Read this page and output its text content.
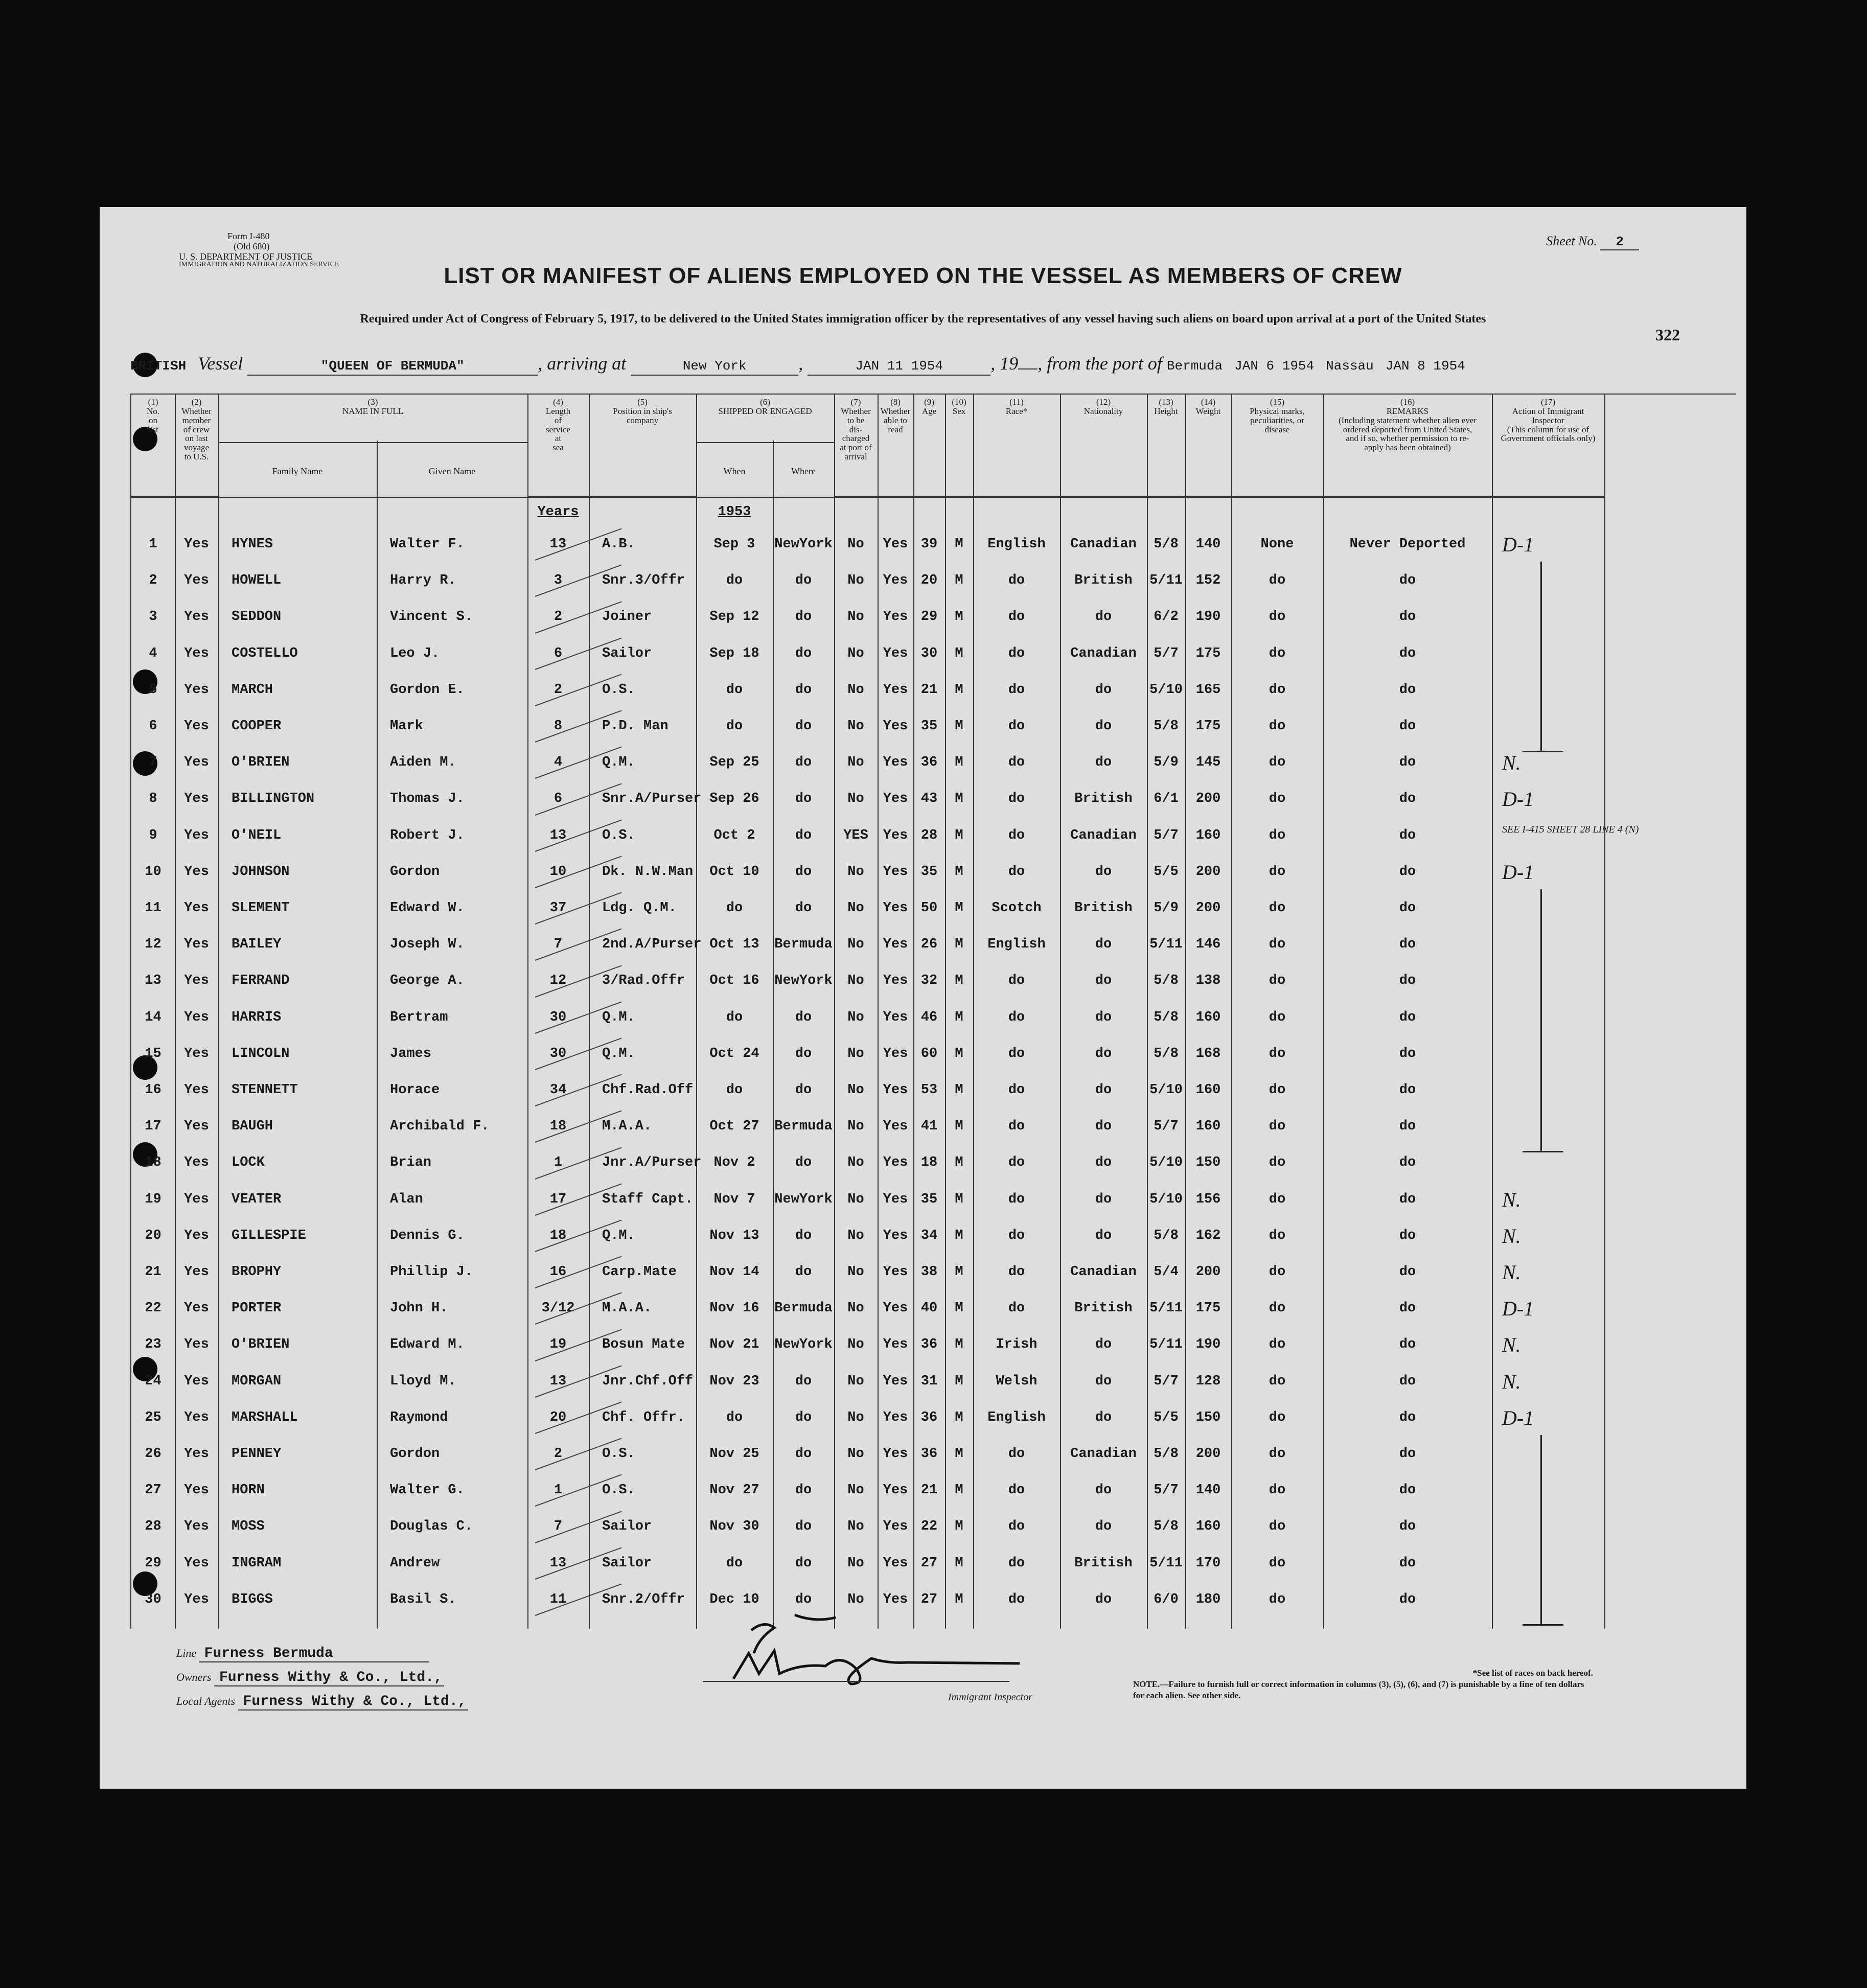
Form I-480
(Old 680)
U. S. DEPARTMENT OF JUSTICE
IMMIGRATION AND NATURALIZATION SERVICE
Sheet No. 2
LIST OR MANIFEST OF ALIENS EMPLOYED ON THE VESSEL AS MEMBERS OF CREW
Required under Act of Congress of February 5, 1917, to be delivered to the United States immigration officer by the representatives of any vessel having such aliens on board upon arrival at a port of the United States
322
BRITISH Vessel	"QUEEN OF BERMUDA"	, arriving at	New York	,	JAN 11 1954	, 19 , from the port of Bermuda JAN 6 1954 Nassau JAN 8 1954
(1)
No.
on
list
(2)
Whether
member
of crew
on last
voyage
to U.S.
(3)
NAME IN FULL
(4)
Length
of
service
at
sea
(5)
Position in ship's
company
(6)
SHIPPED OR ENGAGED
(7)
Whether
to be
dis-
charged
at port of
arrival
(8)
Whether
able to
read
(9)
Age
(10)
Sex
(11)
Race*
(12)
Nationality
(13)
Height
(14)
Weight
(15)
Physical marks,
peculiarities, or
disease
(16)
REMARKS
(Including statement whether alien ever
ordered deported from United States,
and if so, whether permission to re-
apply has been obtained)
(17)
Action of Immigrant
Inspector
(This column for use of
Government officials only)
Family Name	Given Name	When	Where
Years	1953
1	Yes	HYNES	Walter F.	13	A.B.	Sep 3	NewYork	No	Yes 39	M	English	Canadian	5/8	140	None	Never Deported	D-1
2	Yes	HOWELL	Harry R.	3	Snr.3/Offr	do	do	No	Yes 20	M	do	British	5/11 152	do	do
3	Yes	SEDDON	Vincent S.	2	Joiner	Sep 12	do	No	Yes 29	M	do	do	6/2	190	do	do
4	Yes	COSTELLO	Leo J.	6	Sailor	Sep 18	do	No	Yes 30	M	do	Canadian	5/7	175	do	do
5	Yes	MARCH	Gordon E.	2	O.S.	do	do	No	Yes 21	M	do	do	5/10 165	do	do
6	Yes	COOPER	Mark	8	P.D. Man	do	do	No	Yes 35	M	do	do	5/8	175	do	do
7	Yes	O'BRIEN	Aiden M.	4	Q.M.	Sep 25	do	No	Yes 36	M	do	do	5/9	145	do	do	N.
8	Yes	BILLINGTON	Thomas J.	6	Snr.A/Purser Sep 26	do	No	Yes 43	M	do	British	6/1	200	do	do	D-1
9	Yes	O'NEIL	Robert J.	13	O.S.	Oct 2	do	YES	Yes 28	M	do	Canadian	5/7	160	do	do	SEE I-415 SHEET 28 LINE 4 (N)
10	Yes	JOHNSON	Gordon	10	Dk. N.W.Man	Oct 10	do	No	Yes 35	M	do	do	5/5	200	do	do	D-1
11	Yes	SLEMENT	Edward W.	37	Ldg. Q.M.	do	do	No	Yes 50	M	Scotch	British	5/9	200	do	do
12	Yes	BAILEY	Joseph W.	7	2nd.A/Purser Oct 13	Bermuda	No	Yes 26	M	English	do	5/11 146	do	do
13	Yes	FERRAND	George A.	12	3/Rad.Offr	Oct 16	NewYork	No	Yes 32	M	do	do	5/8	138	do	do
14	Yes	HARRIS	Bertram	30	Q.M.	do	do	No	Yes 46	M	do	do	5/8	160	do	do
15	Yes	LINCOLN	James	30	Q.M.	Oct 24	do	No	Yes 60	M	do	do	5/8	168	do	do
16	Yes	STENNETT	Horace	34	Chf.Rad.Off	do	do	No	Yes 53	M	do	do	5/10 160	do	do
17	Yes	BAUGH	Archibald F.	18	M.A.A.	Oct 27	Bermuda	No	Yes 41	M	do	do	5/7	160	do	do
18	Yes	LOCK	Brian	1	Jnr.A/Purser Nov 2	do	No	Yes 18	M	do	do	5/10 150	do	do
19	Yes	VEATER	Alan	17	Staff Capt.	Nov 7	NewYork	No	Yes 35	M	do	do	5/10 156	do	do	N.
20	Yes	GILLESPIE	Dennis G.	18	Q.M.	Nov 13	do	No	Yes 34	M	do	do	5/8	162	do	do	N.
21	Yes	BROPHY	Phillip J.	16	Carp.Mate	Nov 14	do	No	Yes 38	M	do	Canadian	5/4	200	do	do	N.
22	Yes	PORTER	John H.	3/12	M.A.A.	Nov 16	Bermuda	No	Yes 40	M	do	British	5/11 175	do	do	D-1
23	Yes	O'BRIEN	Edward M.	19	Bosun Mate	Nov 21	NewYork	No	Yes 36	M	Irish	do	5/11 190	do	do	N.
24	Yes	MORGAN	Lloyd M.	13	Jnr.Chf.Off	Nov 23	do	No	Yes 31	M	Welsh	do	5/7	128	do	do	N.
25	Yes	MARSHALL	Raymond	20	Chf. Offr.	do	do	No	Yes 36	M	English	do	5/5	150	do	do	D-1
26	Yes	PENNEY	Gordon	2	O.S.	Nov 25	do	No	Yes 36	M	do	Canadian	5/8	200	do	do
27	Yes	HORN	Walter G.	1	O.S.	Nov 27	do	No	Yes 21	M	do	do	5/7	140	do	do
28	Yes	MOSS	Douglas C.	7	Sailor	Nov 30	do	No	Yes 22	M	do	do	5/8	160	do	do
29	Yes	INGRAM	Andrew	13	Sailor	do	do	No	Yes 27	M	do	British	5/11 170	do	do
30	Yes	BIGGS	Basil S.	11	Snr.2/Offr	Dec 10	do	No	Yes 27	M	do	do	6/0	180	do	do
Line Furness Bermuda
Owners Furness Withy & Co., Ltd.,
Local Agents Furness Withy & Co., Ltd.,	Immigrant Inspector
*See list of races on back hereof.
NOTE.—Failure to furnish full or correct information in columns (3), (5), (6), and (7) is punishable by a fine of ten dollars for each alien. See other side.
